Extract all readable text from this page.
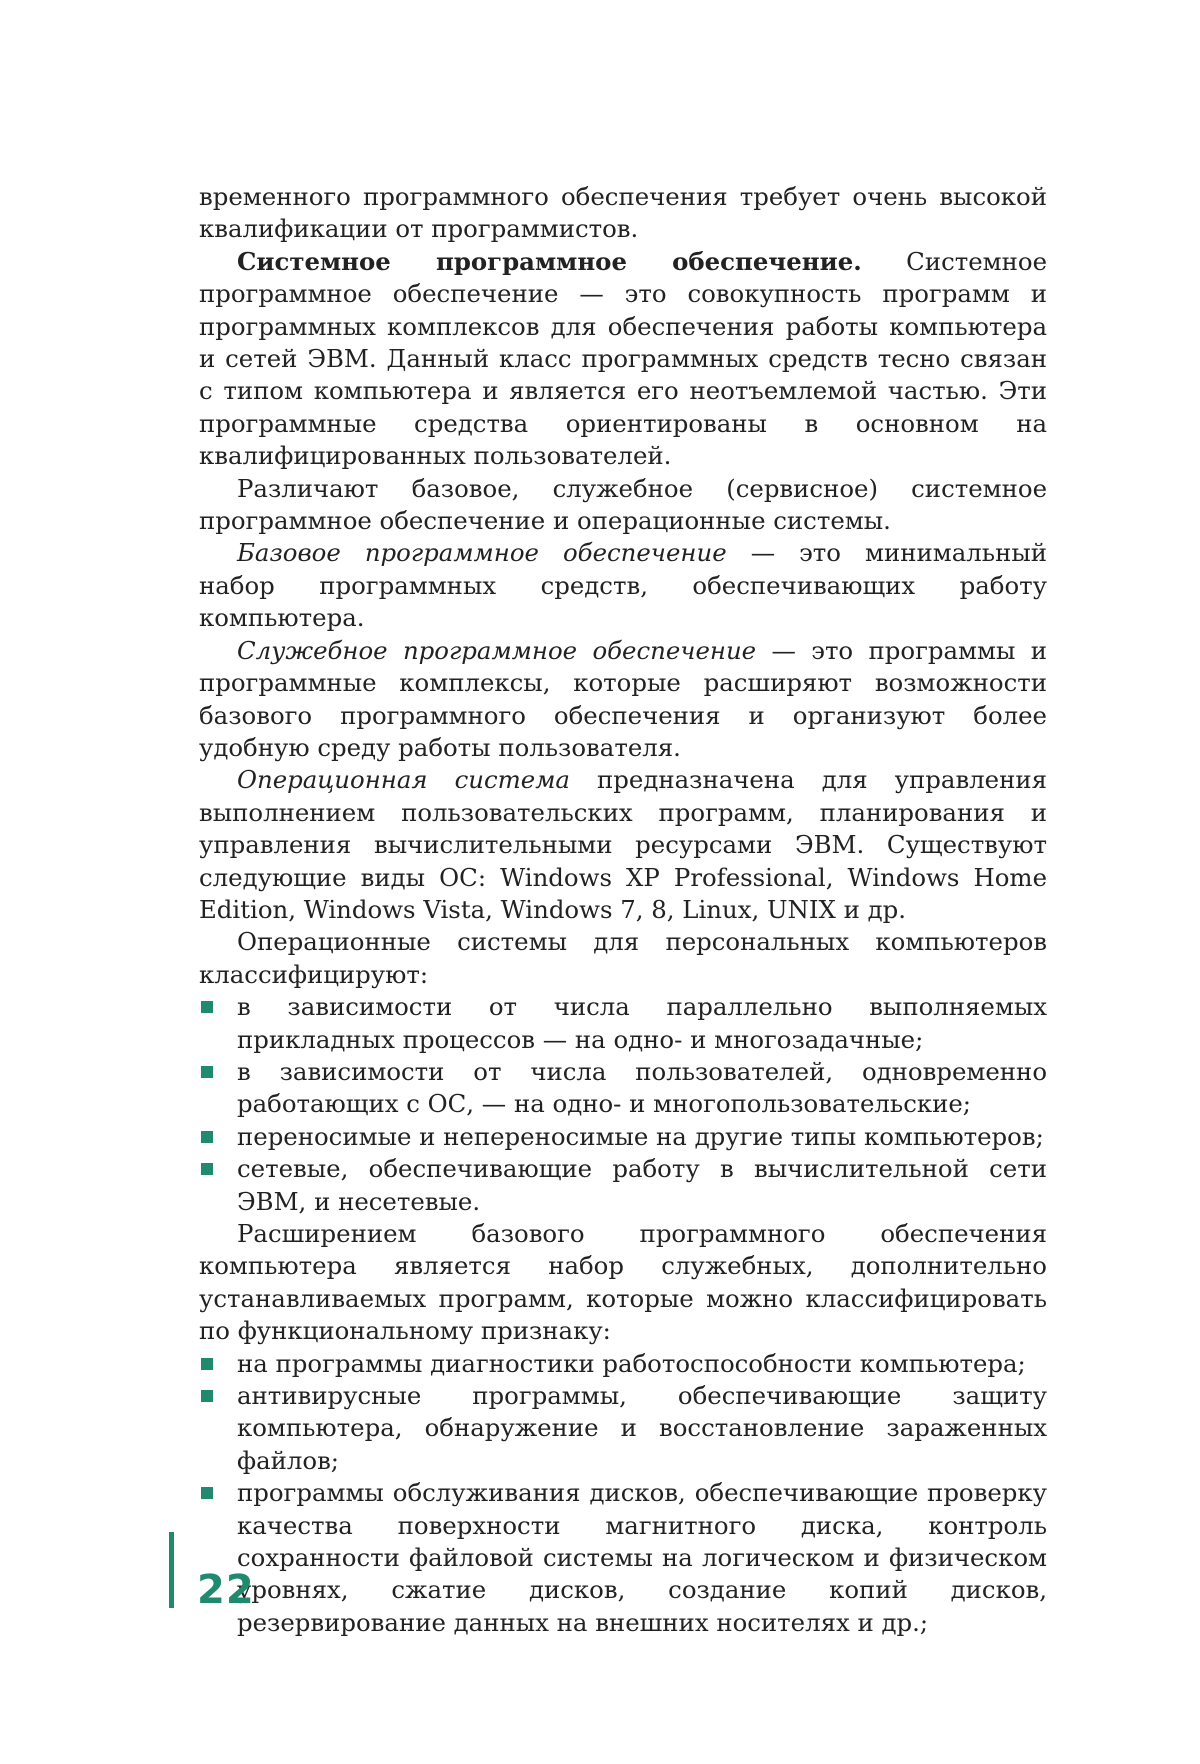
временного программного обеспечения требует очень высокой квалификации от программистов.

Системное программное обеспечение. Системное программное обеспечение — это совокупность программ и программных комплексов для обеспечения работы компьютера и сетей ЭВМ. Данный класс программных средств тесно связан с типом компьютера и является его неотъемлемой частью. Эти программные средства ориентированы в основном на квалифицированных пользователей.

Различают базовое, служебное (сервисное) системное программное обеспечение и операционные системы.

Базовое программное обеспечение — это минимальный набор программных средств, обеспечивающих работу компьютера.

Служебное программное обеспечение — это программы и программные комплексы, которые расширяют возможности базового программного обеспечения и организуют более удобную среду работы пользователя.

Операционная система предназначена для управления выполнением пользовательских программ, планирования и управления вычислительными ресурсами ЭВМ. Существуют следующие виды ОС: Windows XP Professional, Windows Home Edition, Windows Vista, Windows 7, 8, Linux, UNIX и др.

Операционные системы для персональных компьютеров классифицируют:

в зависимости от числа параллельно выполняемых прикладных процессов — на одно- и многозадачные;
в зависимости от числа пользователей, одновременно работающих с ОС, — на одно- и многопользовательские;
переносимые и непереносимые на другие типы компьютеров;
сетевые, обеспечивающие работу в вычислительной сети ЭВМ, и несетевые.

Расширением базового программного обеспечения компьютера является набор служебных, дополнительно устанавливаемых программ, которые можно классифицировать по функциональному признаку:

на программы диагностики работоспособности компьютера;
антивирусные программы, обеспечивающие защиту компьютера, обнаружение и восстановление зараженных файлов;
программы обслуживания дисков, обеспечивающие проверку качества поверхности магнитного диска, контроль сохранности файловой системы на логическом и физическом уровнях, сжатие дисков, создание копий дисков, резервирование данных на внешних носителях и др.;
22
